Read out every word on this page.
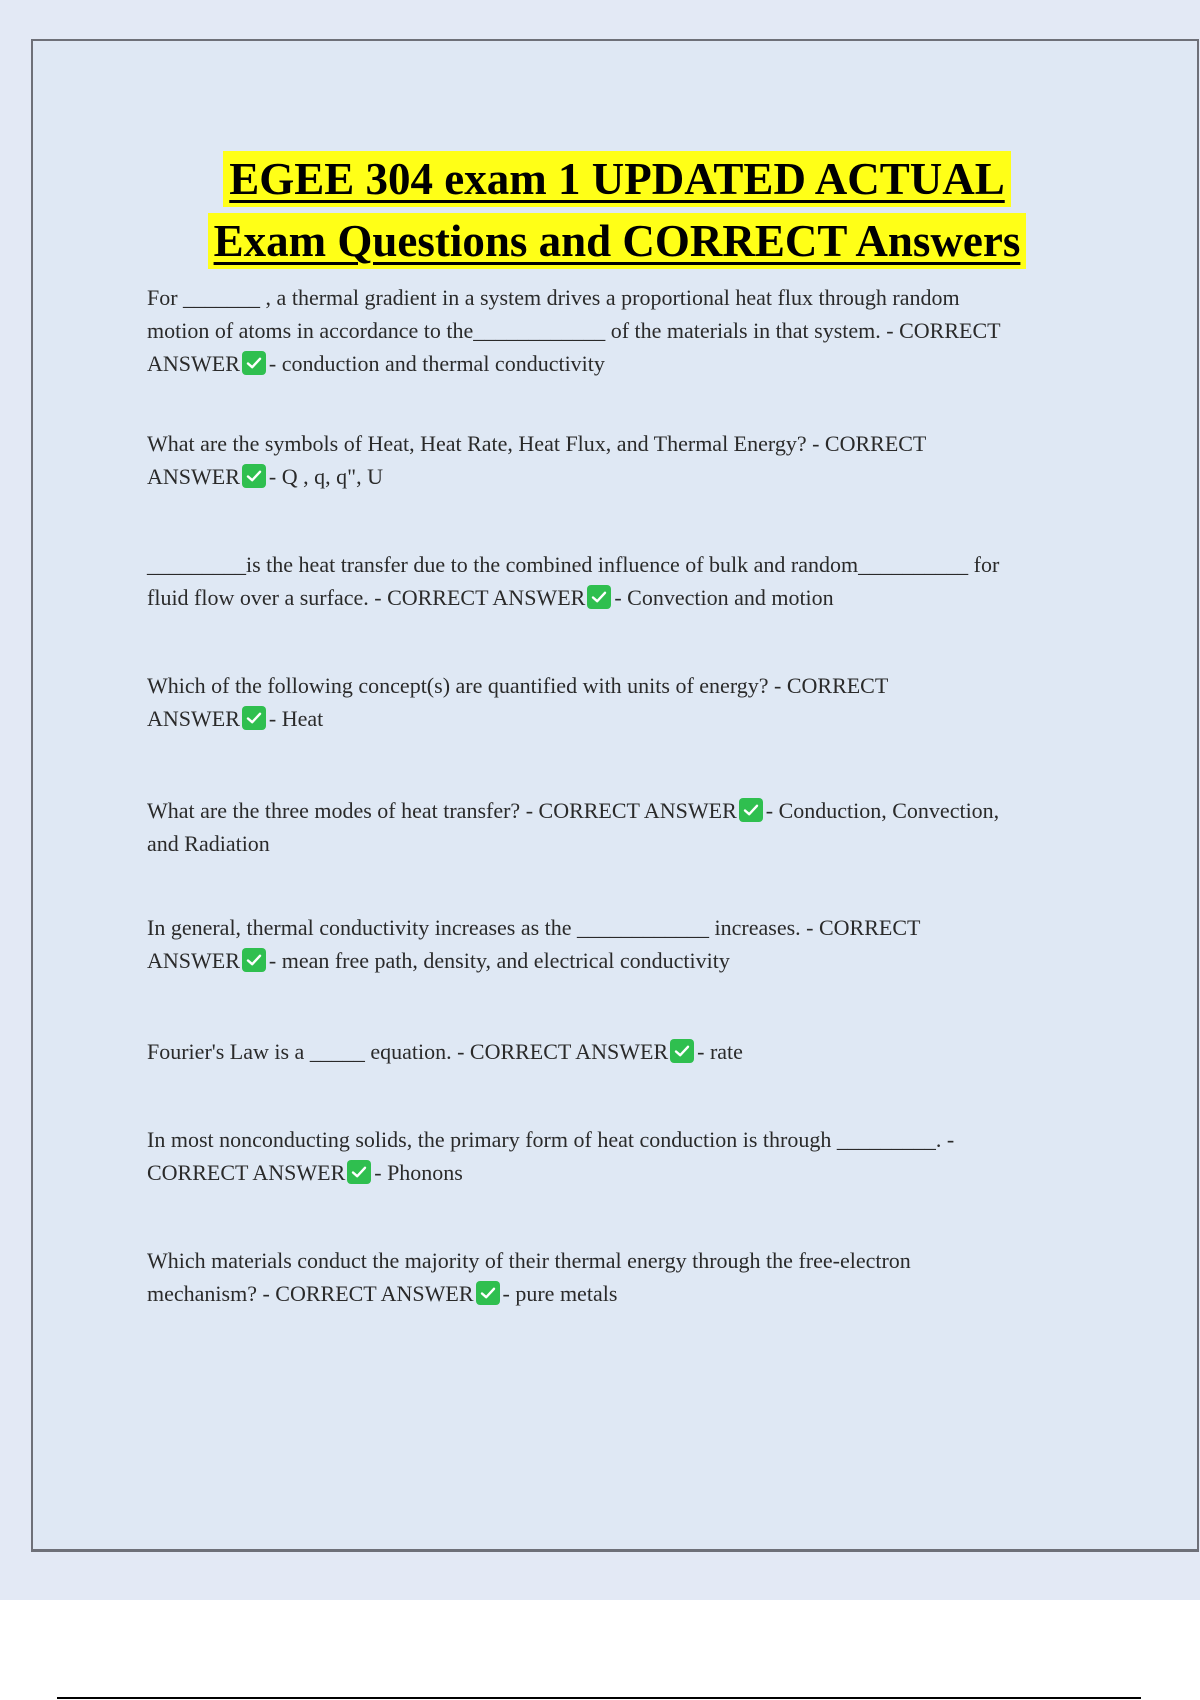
EGEE 304 exam 1 UPDATED ACTUAL
Exam Questions and CORRECT Answers
For _______ , a thermal gradient in a system drives a proportional heat flux through random
motion of atoms in accordance to the____________ of the materials in that system. - CORRECT
ANSWER - conduction and thermal conductivity
What are the symbols of Heat, Heat Rate, Heat Flux, and Thermal Energy? - CORRECT
ANSWER - Q , q, q", U
_________is the heat transfer due to the combined influence of bulk and random__________ for
fluid flow over a surface. - CORRECT ANSWER - Convection and motion
Which of the following concept(s) are quantified with units of energy? - CORRECT
ANSWER - Heat
What are the three modes of heat transfer? - CORRECT ANSWER - Conduction, Convection,
and Radiation
In general, thermal conductivity increases as the ____________ increases. - CORRECT
ANSWER - mean free path, density, and electrical conductivity
Fourier's Law is a _____ equation. - CORRECT ANSWER - rate
In most nonconducting solids, the primary form of heat conduction is through _________. -
CORRECT ANSWER - Phonons
Which materials conduct the majority of their thermal energy through the free-electron
mechanism? - CORRECT ANSWER - pure metals
